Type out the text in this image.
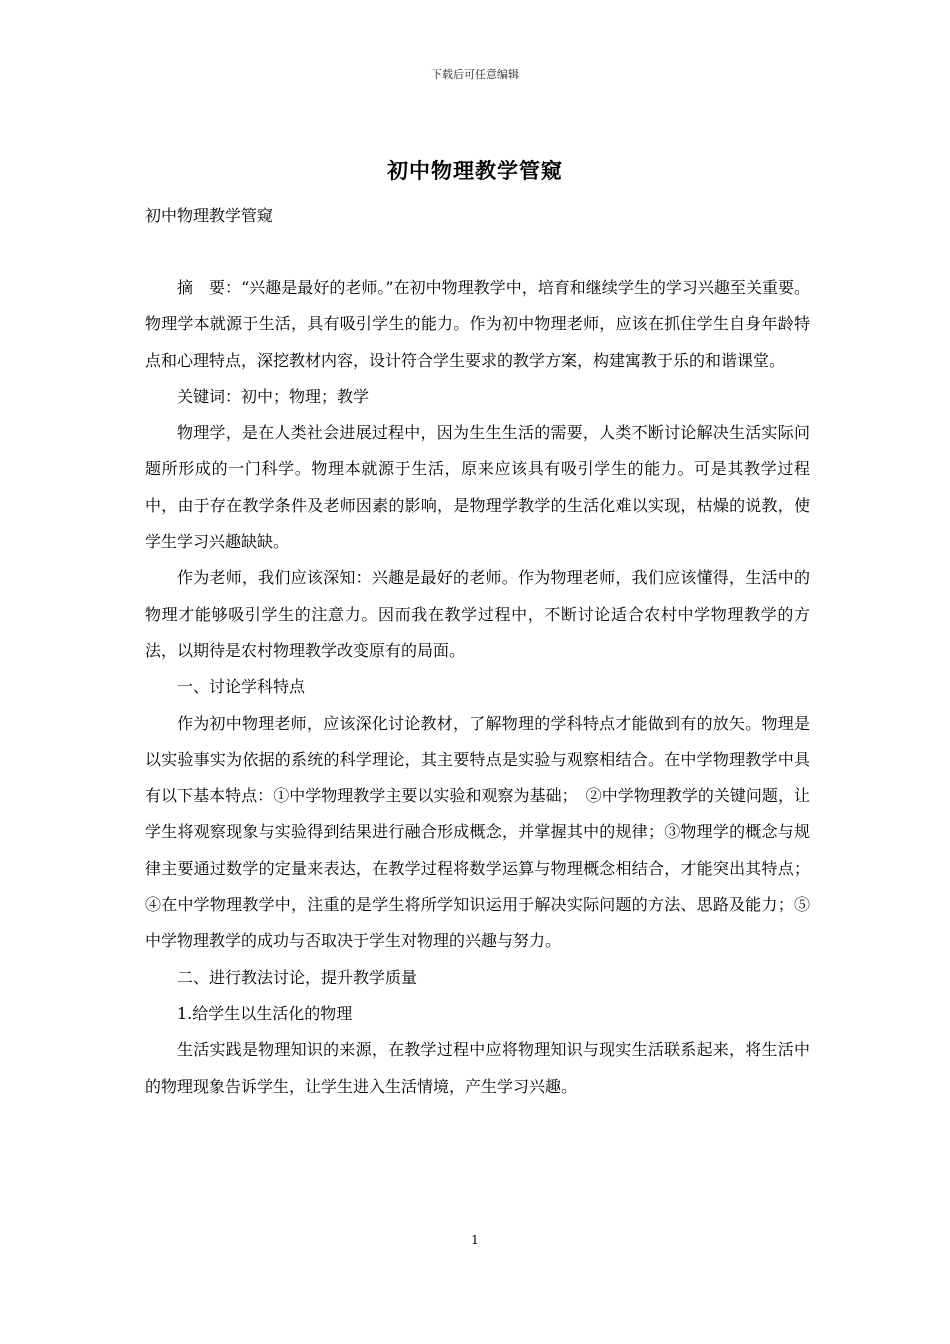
下载后可任意编辑
初中物理教学管窥
初中物理教学管窥

摘　要：“兴趣是最好的老师。”在初中物理教学中，培育和继续学生的学习兴趣至关重要。物理学本就源于生活，具有吸引学生的能力。作为初中物理老师，应该在抓住学生自身年龄特点和心理特点，深挖教材内容，设计符合学生要求的教学方案，构建寓教于乐的和谐课堂。

关键词：初中；物理；教学

物理学，是在人类社会进展过程中，因为生生生活的需要，人类不断讨论解决生活实际问题所形成的一门科学。物理本就源于生活，原来应该具有吸引学生的能力。可是其教学过程中，由于存在教学条件及老师因素的影响，是物理学教学的生活化难以实现，枯燥的说教，使学生学习兴趣缺缺。

作为老师，我们应该深知：兴趣是最好的老师。作为物理老师，我们应该懂得，生活中的物理才能够吸引学生的注意力。因而我在教学过程中，不断讨论适合农村中学物理教学的方法，以期待是农村物理教学改变原有的局面。

一、讨论学科特点

作为初中物理老师，应该深化讨论教材，了解物理的学科特点才能做到有的放矢。物理是以实验事实为依据的系统的科学理论，其主要特点是实验与观察相结合。在中学物理教学中具有以下基本特点：①中学物理教学主要以实验和观察为基础；　②中学物理教学的关键问题，让学生将观察现象与实验得到结果进行融合形成概念，并掌握其中的规律；③物理学的概念与规律主要通过数学的定量来表达，在教学过程将数学运算与物理概念相结合，才能突出其特点；④在中学物理教学中，注重的是学生将所学知识运用于解决实际问题的方法、思路及能力；⑤中学物理教学的成功与否取决于学生对物理的兴趣与努力。

二、进行教法讨论，提升教学质量

1.给学生以生活化的物理

生活实践是物理知识的来源，在教学过程中应将物理知识与现实生活联系起来，将生活中的物理现象告诉学生，让学生进入生活情境，产生学习兴趣。

1
